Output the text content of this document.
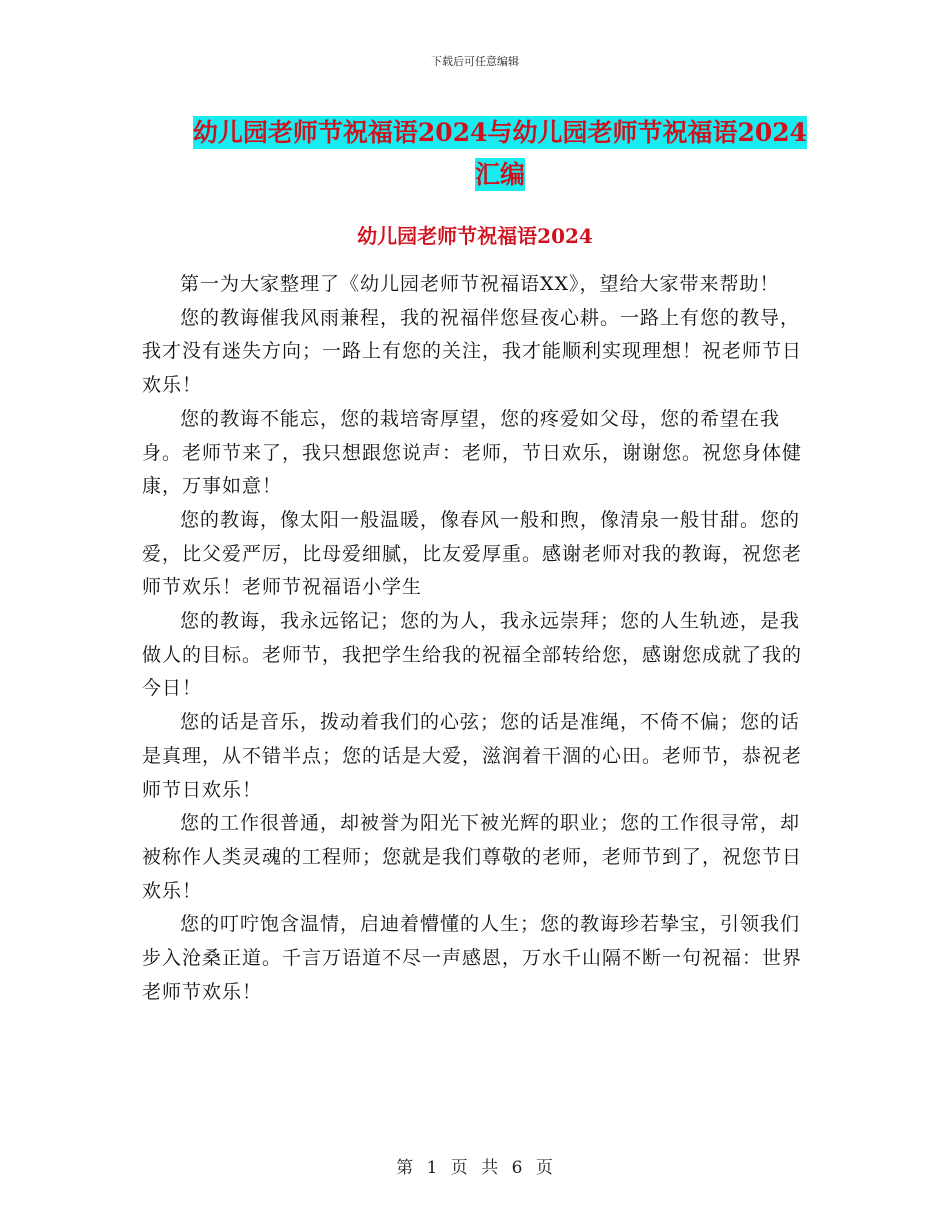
下载后可任意编辑
幼儿园老师节祝福语2024与幼儿园老师节祝福语2024
汇编
幼儿园老师节祝福语2024

第一为大家整理了《幼儿园老师节祝福语XX》，望给大家带来帮助！

您的教诲催我风雨兼程，我的祝福伴您昼夜心耕。一路上有您的教导，我才没有迷失方向；一路上有您的关注，我才能顺利实现理想！祝老师节日欢乐！

您的教诲不能忘，您的栽培寄厚望，您的疼爱如父母，您的希望在我身。老师节来了，我只想跟您说声：老师，节日欢乐，谢谢您。祝您身体健康，万事如意！

您的教诲，像太阳一般温暖，像春风一般和煦，像清泉一般甘甜。您的爱，比父爱严厉，比母爱细腻，比友爱厚重。感谢老师对我的教诲，祝您老师节欢乐！老师节祝福语小学生

您的教诲，我永远铭记；您的为人，我永远崇拜；您的人生轨迹，是我做人的目标。老师节，我把学生给我的祝福全部转给您，感谢您成就了我的今日！

您的话是音乐，拨动着我们的心弦；您的话是准绳，不倚不偏；您的话是真理，从不错半点；您的话是大爱，滋润着干涸的心田。老师节，恭祝老师节日欢乐！

您的工作很普通，却被誉为阳光下被光辉的职业；您的工作很寻常，却被称作人类灵魂的工程师；您就是我们尊敬的老师，老师节到了，祝您节日欢乐！

您的叮咛饱含温情，启迪着懵懂的人生；您的教诲珍若挚宝，引领我们步入沧桑正道。千言万语道不尽一声感恩，万水千山隔不断一句祝福：世界老师节欢乐！

第 1 页 共 6 页
